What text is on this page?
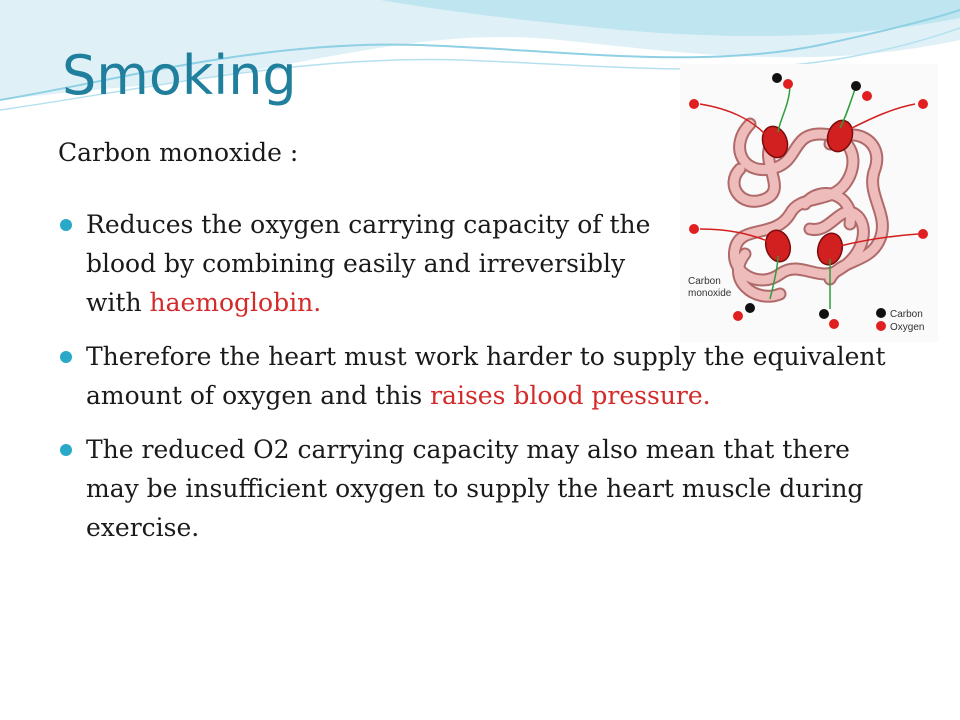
Smoking

Carbon monoxide :

Reduces the oxygen carrying capacity of the blood by combining easily and irreversibly with haemoglobin.
Therefore the heart must work harder to supply the equivalent amount of oxygen and this raises blood pressure.
The reduced O2 carrying capacity may also mean that there may be insufficient oxygen to supply the heart muscle during exercise.
Carbon
monoxide
Carbon
Oxygen
